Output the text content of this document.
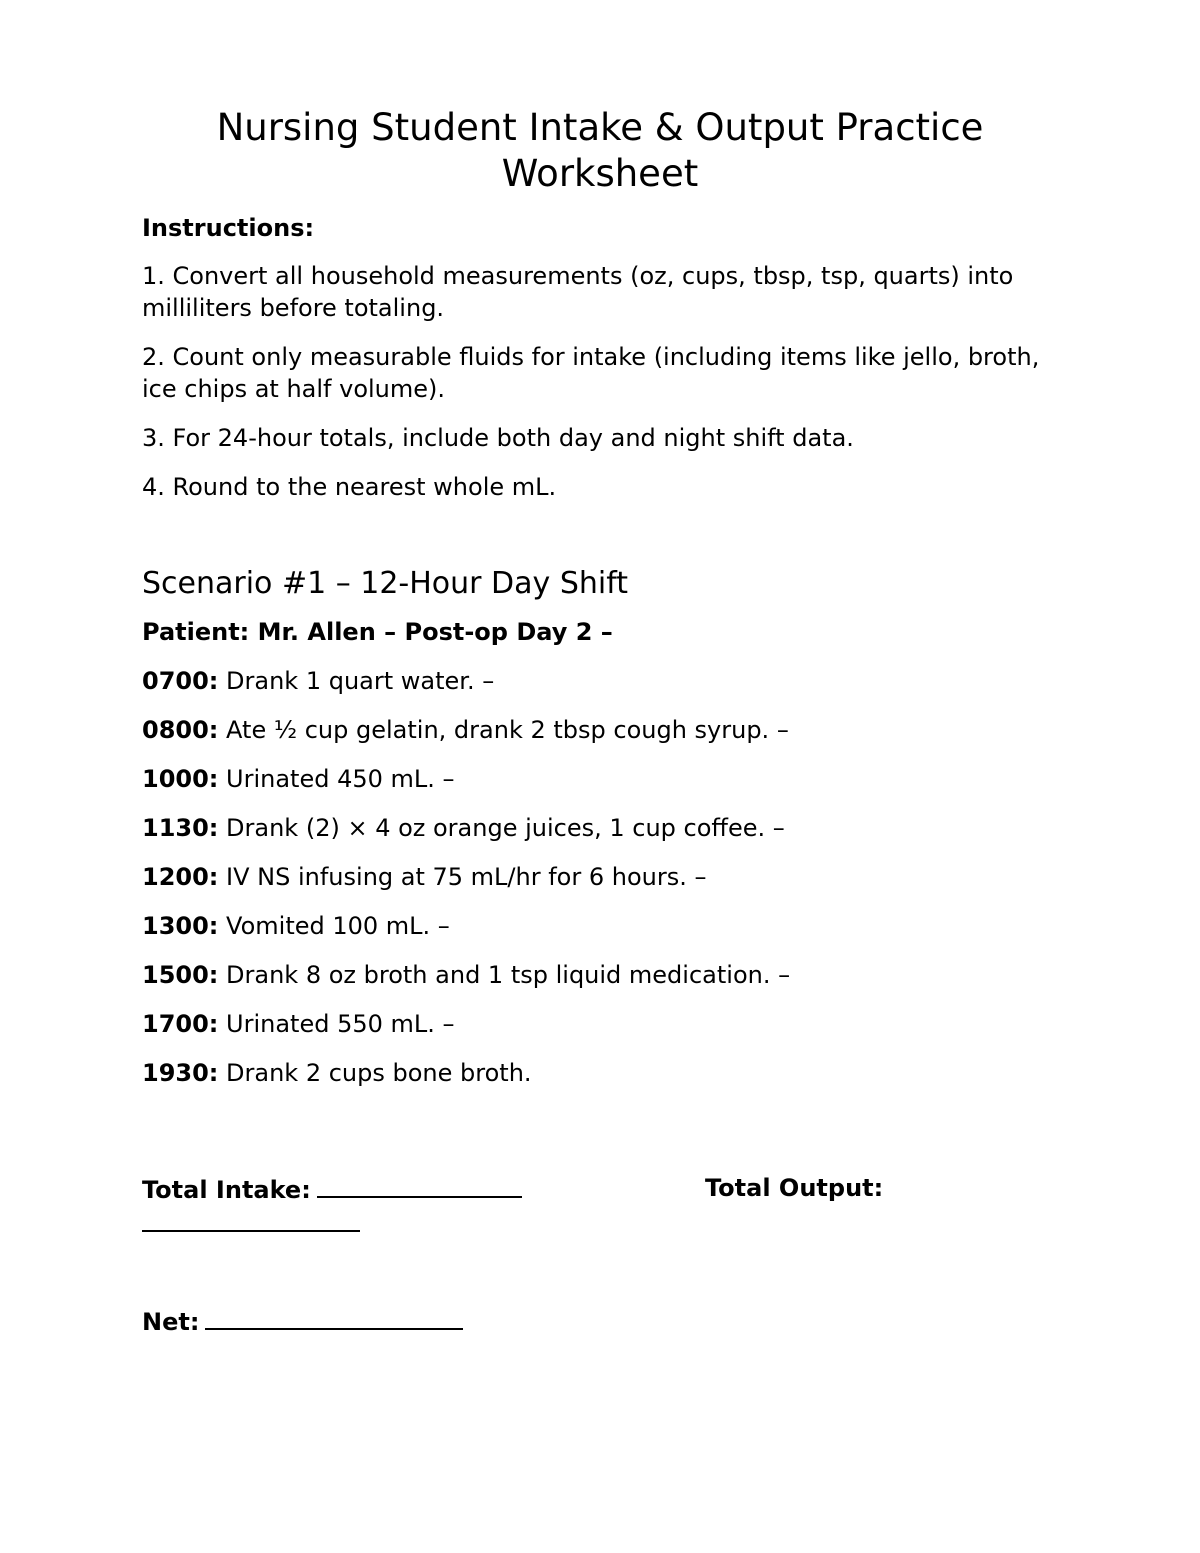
Nursing Student Intake & Output Practice
Worksheet
Instructions:
1. Convert all household measurements (oz, cups, tbsp, tsp, quarts) into milliliters before totaling.
2. Count only measurable fluids for intake (including items like jello, broth, ice chips at half volume).
3. For 24-hour totals, include both day and night shift data.
4. Round to the nearest whole mL.
Scenario #1 – 12-Hour Day Shift
Patient: Mr. Allen – Post-op Day 2 –
0700: Drank 1 quart water. –
0800: Ate ½ cup gelatin, drank 2 tbsp cough syrup. –
1000: Urinated 450 mL. –
1130: Drank (2) × 4 oz orange juices, 1 cup coffee. –
1200: IV NS infusing at 75 mL/hr for 6 hours. –
1300: Vomited 100 mL. –
1500: Drank 8 oz broth and 1 tsp liquid medication. –
1700: Urinated 550 mL. –
1930: Drank 2 cups bone broth.
Total Intake:	Total Output:
Net:
